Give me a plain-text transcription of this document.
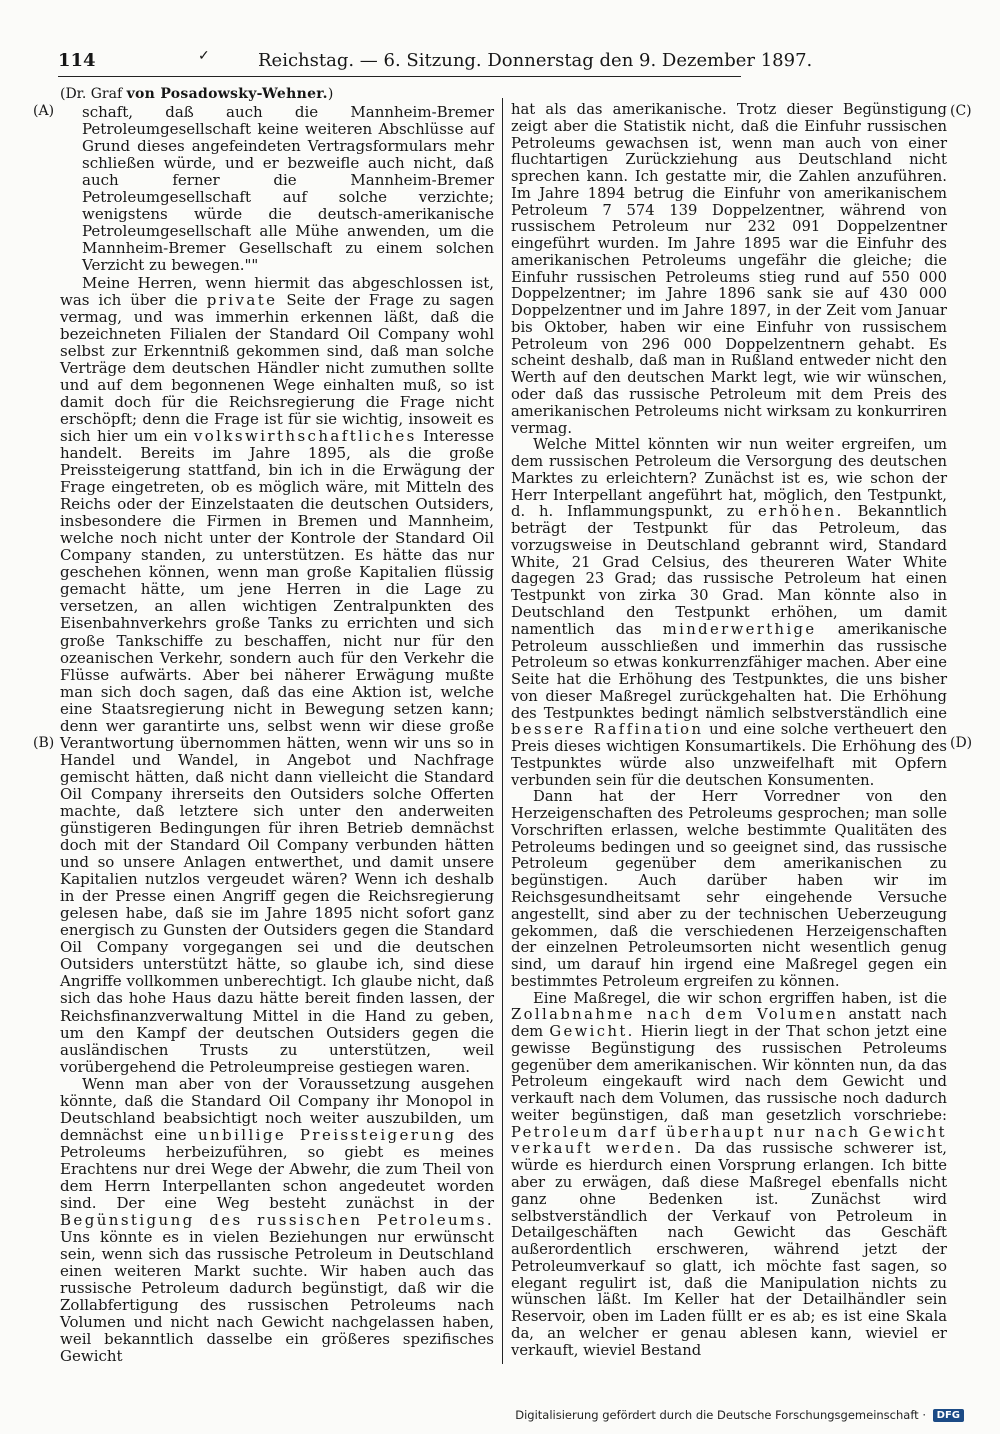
114	✓	Reichstag. — 6. Sitzung. Donnerstag den 9. Dezember 1897.
(A)
(B)
(C)
(D)
(Dr. Graf von Posadowsky-Wehner.)

schaft, daß auch die Mannheim-Bremer Petroleumgesellschaft keine weiteren Abschlüsse auf Grund dieses angefeindeten Vertragsformulars mehr schließen würde, und er bezweifle auch nicht, daß auch ferner die Mannheim-Bremer Petroleumgesellschaft auf solche verzichte; wenigstens würde die deutsch-amerikanische Petroleumgesellschaft alle Mühe anwenden, um die Mannheim-Bremer Gesellschaft zu einem solchen Verzicht zu bewegen.""

Meine Herren, wenn hiermit das abgeschlossen ist, was ich über die private Seite der Frage zu sagen vermag, und was immerhin erkennen läßt, daß die bezeichneten Filialen der Standard Oil Company wohl selbst zur Erkenntniß gekommen sind, daß man solche Verträge dem deutschen Händler nicht zumuthen sollte und auf dem begonnenen Wege einhalten muß, so ist damit doch für die Reichsregierung die Frage nicht erschöpft; denn die Frage ist für sie wichtig, insoweit es sich hier um ein volkswirthschaftliches Interesse handelt. Bereits im Jahre 1895, als die große Preissteigerung stattfand, bin ich in die Erwägung der Frage eingetreten, ob es möglich wäre, mit Mitteln des Reichs oder der Einzelstaaten die deutschen Outsiders, insbesondere die Firmen in Bremen und Mannheim, welche noch nicht unter der Kontrole der Standard Oil Company standen, zu unterstützen. Es hätte das nur geschehen können, wenn man große Kapitalien flüssig gemacht hätte, um jene Herren in die Lage zu versetzen, an allen wichtigen Zentralpunkten des Eisenbahnverkehrs große Tanks zu errichten und sich große Tankschiffe zu beschaffen, nicht nur für den ozeanischen Verkehr, sondern auch für den Verkehr die Flüsse aufwärts. Aber bei näherer Erwägung mußte man sich doch sagen, daß das eine Aktion ist, welche eine Staatsregierung nicht in Bewegung setzen kann; denn wer garantirte uns, selbst wenn wir diese große Verantwortung übernommen hätten, wenn wir uns so in Handel und Wandel, in Angebot und Nachfrage gemischt hätten, daß nicht dann vielleicht die Standard Oil Company ihrerseits den Outsiders solche Offerten machte, daß letztere sich unter den anderweiten günstigeren Bedingungen für ihren Betrieb demnächst doch mit der Standard Oil Company verbunden hätten und so unsere Anlagen entwerthet, und damit unsere Kapitalien nutzlos vergeudet wären? Wenn ich deshalb in der Presse einen Angriff gegen die Reichsregierung gelesen habe, daß sie im Jahre 1895 nicht sofort ganz energisch zu Gunsten der Outsiders gegen die Standard Oil Company vorgegangen sei und die deutschen Outsiders unterstützt hätte, so glaube ich, sind diese Angriffe vollkommen unberechtigt. Ich glaube nicht, daß sich das hohe Haus dazu hätte bereit finden lassen, der Reichsfinanzverwaltung Mittel in die Hand zu geben, um den Kampf der deutschen Outsiders gegen die ausländischen Trusts zu unterstützen, weil vorübergehend die Petroleumpreise gestiegen waren.

Wenn man aber von der Voraussetzung ausgehen könnte, daß die Standard Oil Company ihr Monopol in Deutschland beabsichtigt noch weiter auszubilden, um demnächst eine unbillige Preissteigerung des Petroleums herbeizuführen, so giebt es meines Erachtens nur drei Wege der Abwehr, die zum Theil von dem Herrn Interpellanten schon angedeutet worden sind. Der eine Weg besteht zunächst in der Begünstigung des russischen Petroleums. Uns könnte es in vielen Beziehungen nur erwünscht sein, wenn sich das russische Petroleum in Deutschland einen weiteren Markt suchte. Wir haben auch das russische Petroleum dadurch begünstigt, daß wir die Zollabfertigung des russischen Petroleums nach Volumen und nicht nach Gewicht nachgelassen haben, weil bekanntlich dasselbe ein größeres spezifisches Gewicht

hat als das amerikanische. Trotz dieser Begünstigung zeigt aber die Statistik nicht, daß die Einfuhr russischen Petroleums gewachsen ist, wenn man auch von einer fluchtartigen Zurückziehung aus Deutschland nicht sprechen kann. Ich gestatte mir, die Zahlen anzuführen. Im Jahre 1894 betrug die Einfuhr von amerikanischem Petroleum 7 574 139 Doppelzentner, während von russischem Petroleum nur 232 091 Doppelzentner eingeführt wurden. Im Jahre 1895 war die Einfuhr des amerikanischen Petroleums ungefähr die gleiche; die Einfuhr russischen Petroleums stieg rund auf 550 000 Doppelzentner; im Jahre 1896 sank sie auf 430 000 Doppelzentner und im Jahre 1897, in der Zeit vom Januar bis Oktober, haben wir eine Einfuhr von russischem Petroleum von 296 000 Doppelzentnern gehabt. Es scheint deshalb, daß man in Rußland entweder nicht den Werth auf den deutschen Markt legt, wie wir wünschen, oder daß das russische Petroleum mit dem Preis des amerikanischen Petroleums nicht wirksam zu konkurriren vermag.

Welche Mittel könnten wir nun weiter ergreifen, um dem russischen Petroleum die Versorgung des deutschen Marktes zu erleichtern? Zunächst ist es, wie schon der Herr Interpellant angeführt hat, möglich, den Testpunkt, d. h. Inflammungspunkt, zu erhöhen. Bekanntlich beträgt der Testpunkt für das Petroleum, das vorzugsweise in Deutschland gebrannt wird, Standard White, 21 Grad Celsius, des theureren Water White dagegen 23 Grad; das russische Petroleum hat einen Testpunkt von zirka 30 Grad. Man könnte also in Deutschland den Testpunkt erhöhen, um damit namentlich das minderwerthige amerikanische Petroleum ausschließen und immerhin das russische Petroleum so etwas konkurrenzfähiger machen. Aber eine Seite hat die Erhöhung des Testpunktes, die uns bisher von dieser Maßregel zurückgehalten hat. Die Erhöhung des Testpunktes bedingt nämlich selbstverständlich eine bessere Raffination und eine solche vertheuert den Preis dieses wichtigen Konsumartikels. Die Erhöhung des Testpunktes würde also unzweifelhaft mit Opfern verbunden sein für die deutschen Konsumenten.

Dann hat der Herr Vorredner von den Herzeigenschaften des Petroleums gesprochen; man solle Vorschriften erlassen, welche bestimmte Qualitäten des Petroleums bedingen und so geeignet sind, das russische Petroleum gegenüber dem amerikanischen zu begünstigen. Auch darüber haben wir im Reichsgesundheitsamt sehr eingehende Versuche angestellt, sind aber zu der technischen Ueberzeugung gekommen, daß die verschiedenen Herzeigenschaften der einzelnen Petroleumsorten nicht wesentlich genug sind, um darauf hin irgend eine Maßregel gegen ein bestimmtes Petroleum ergreifen zu können.

Eine Maßregel, die wir schon ergriffen haben, ist die Zollabnahme nach dem Volumen anstatt nach dem Gewicht. Hierin liegt in der That schon jetzt eine gewisse Begünstigung des russischen Petroleums gegenüber dem amerikanischen. Wir könnten nun, da das Petroleum eingekauft wird nach dem Gewicht und verkauft nach dem Volumen, das russische noch dadurch weiter begünstigen, daß man gesetzlich vorschriebe: Petroleum darf überhaupt nur nach Gewicht verkauft werden. Da das russische schwerer ist, würde es hierdurch einen Vorsprung erlangen. Ich bitte aber zu erwägen, daß diese Maßregel ebenfalls nicht ganz ohne Bedenken ist. Zunächst wird selbstverständlich der Verkauf von Petroleum in Detailgeschäften nach Gewicht das Geschäft außerordentlich erschweren, während jetzt der Petroleumverkauf so glatt, ich möchte fast sagen, so elegant regulirt ist, daß die Manipulation nichts zu wünschen läßt. Im Keller hat der Detailhändler sein Reservoir, oben im Laden füllt er es ab; es ist eine Skala da, an welcher er genau ablesen kann, wieviel er verkauft, wieviel Bestand

Digitalisierung gefördert durch die Deutsche Forschungsgemeinschaft · DFG
